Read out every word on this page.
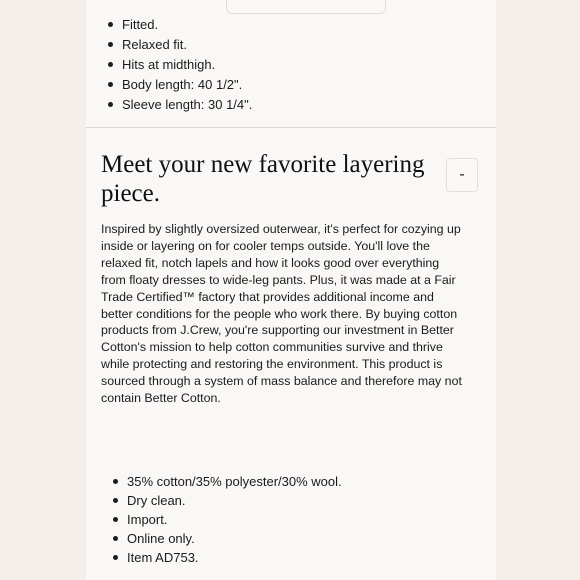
Fitted.
Relaxed fit.
Hits at midthigh.
Body length: 40 1/2".
Sleeve length: 30 1/4".
Meet your new favorite layering piece.
-

Inspired by slightly oversized outerwear, it's perfect for cozying up inside or layering on for cooler temps outside. You'll love the relaxed fit, notch lapels and how it looks good over everything from floaty dresses to wide-leg pants. Plus, it was made at a Fair Trade Certified™ factory that provides additional income and better conditions for the people who work there. By buying cotton products from J.Crew, you're supporting our investment in Better Cotton's mission to help cotton communities survive and thrive while protecting and restoring the environment. This product is sourced through a system of mass balance and therefore may not contain Better Cotton.

35% cotton/35% polyester/30% wool.
Dry clean.
Import.
Online only.
Item AD753.
